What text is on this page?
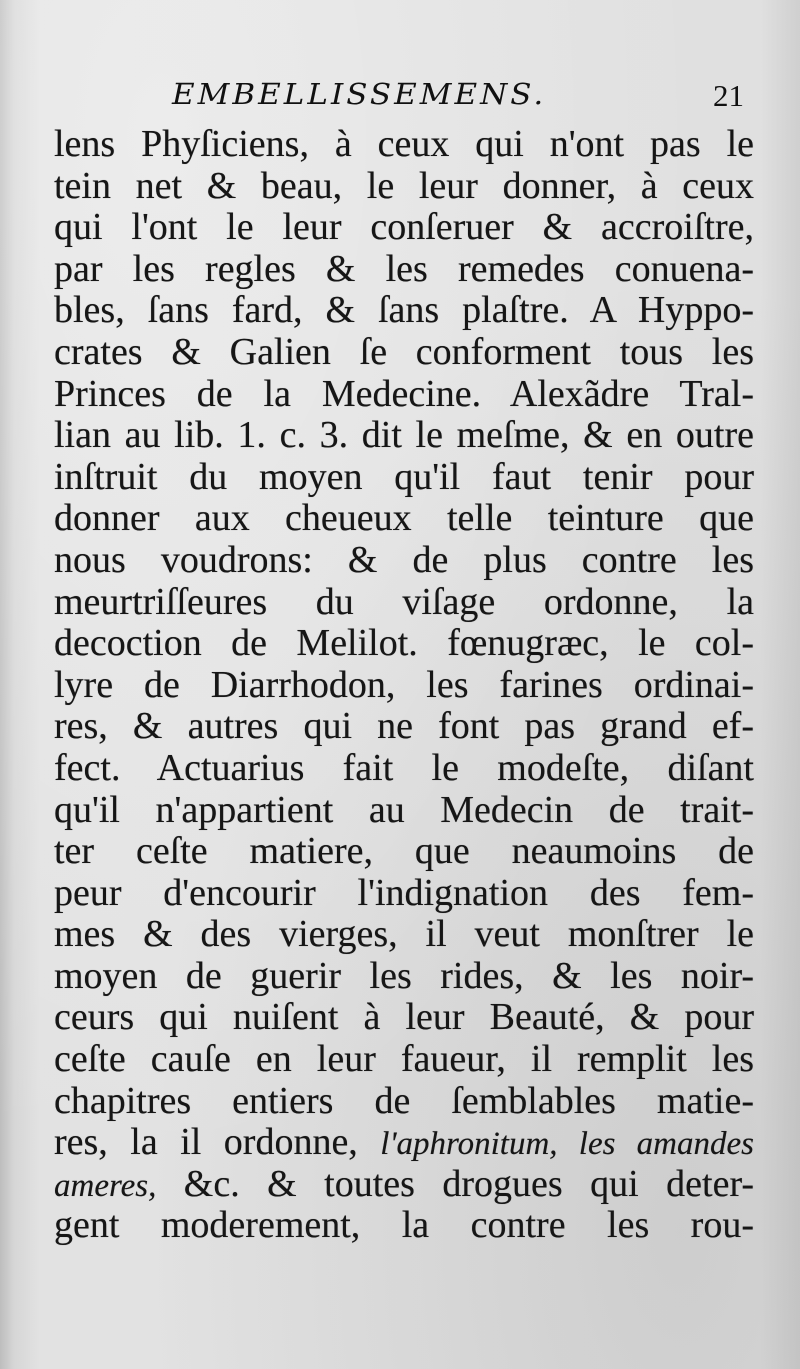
EMBELLISSEMENS.	21
lens Phyſiciens, à ceux qui n'ont pas le
tein net & beau, le leur donner, à ceux
qui l'ont le leur conſeruer & accroiſtre,
par les regles & les remedes conuena-
bles, ſans fard, & ſans plaſtre. A Hyppo-
crates & Galien ſe conforment tous les
Princes de la Medecine. Alexãdre Tral-
lian au lib. 1. c. 3. dit le meſme, & en outre
inſtruit du moyen qu'il faut tenir pour
donner aux cheueux telle teinture que
nous voudrons: & de plus contre les
meurtriſſeures du viſage ordonne, la
decoction de Melilot. fœnugræc, le col-
lyre de Diarrhodon, les farines ordinai-
res, & autres qui ne font pas grand ef-
fect. Actuarius fait le modeſte, diſant
qu'il n'appartient au Medecin de trait-
ter ceſte matiere, que neaumoins de
peur d'encourir l'indignation des fem-
mes & des vierges, il veut monſtrer le
moyen de guerir les rides, & les noir-
ceurs qui nuiſent à leur Beauté, & pour
ceſte cauſe en leur faueur, il remplit les
chapitres entiers de ſemblables matie-
res, la il ordonne, l'aphronitum, les amandes
ameres, &c. & toutes drogues qui deter-
gent moderement, la contre les rou-
